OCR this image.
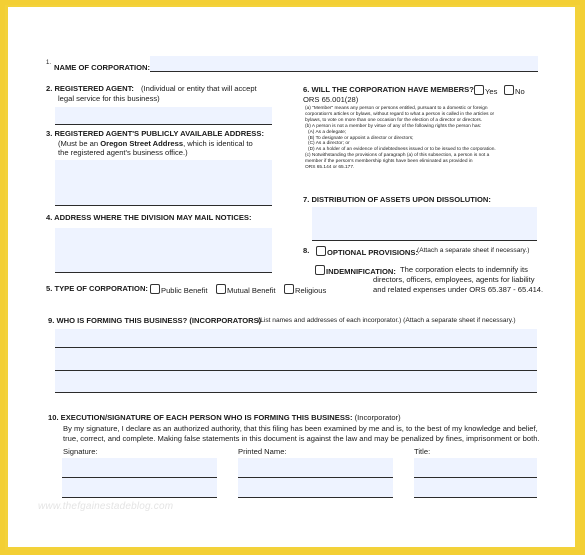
1. NAME OF CORPORATION:
2. REGISTERED AGENT: (Individual or entity that will accept
legal service for this business)
3. REGISTERED AGENT'S PUBLICLY AVAILABLE ADDRESS:
(Must be an Oregon Street Address, which is identical to
the registered agent's business office.)
4. ADDRESS WHERE THE DIVISION MAY MAIL NOTICES:
5. TYPE OF CORPORATION:	Public Benefit	Mutual Benefit	Religious
6. WILL THE CORPORATION HAVE MEMBERS?	Yes	No
ORS 65.001(28)
(a) "Member" means any person or persons entitled, pursuant to a domestic or foreign
corporation's articles or bylaws, without regard to what a person is called in the articles or
bylaws, to vote on more than one occasion for the election of a director or directors.
(b) A person is not a member by virtue of any of the following rights the person has:
(A) As a delegate;
(B) To designate or appoint a director or directors;
(C) As a director; or
(D) As a holder of an evidence of indebtedness issued or to be issued to the corporation.
(c) Notwithstanding the provisions of paragraph (a) of this subsection, a person is not a
member if the person's membership rights have been eliminated as provided in
ORS 65.144 or 65.177.
7. DISTRIBUTION OF ASSETS UPON DISSOLUTION:
8.	OPTIONAL PROVISIONS: (Attach a separate sheet if necessary.)
INDEMNIFICATION: The corporation elects to indemnify its
directors, officers, employees, agents for liability
and related expenses under ORS 65.387 - 65.414.
9. WHO IS FORMING THIS BUSINESS? (INCORPORATORS)
(List names and addresses of each incorporator.) (Attach a separate sheet if necessary.)
10. EXECUTION/SIGNATURE OF EACH PERSON WHO IS FORMING THIS BUSINESS: (Incorporator)
By my signature, I declare as an authorized authority, that this filing has been examined by me and is, to the best of my knowledge and belief,
true, correct, and complete. Making false statements in this document is against the law and may be penalized by fines, imprisonment or both.
Signature:	Printed Name:	Title:
www.thefgainestadeblog.com
